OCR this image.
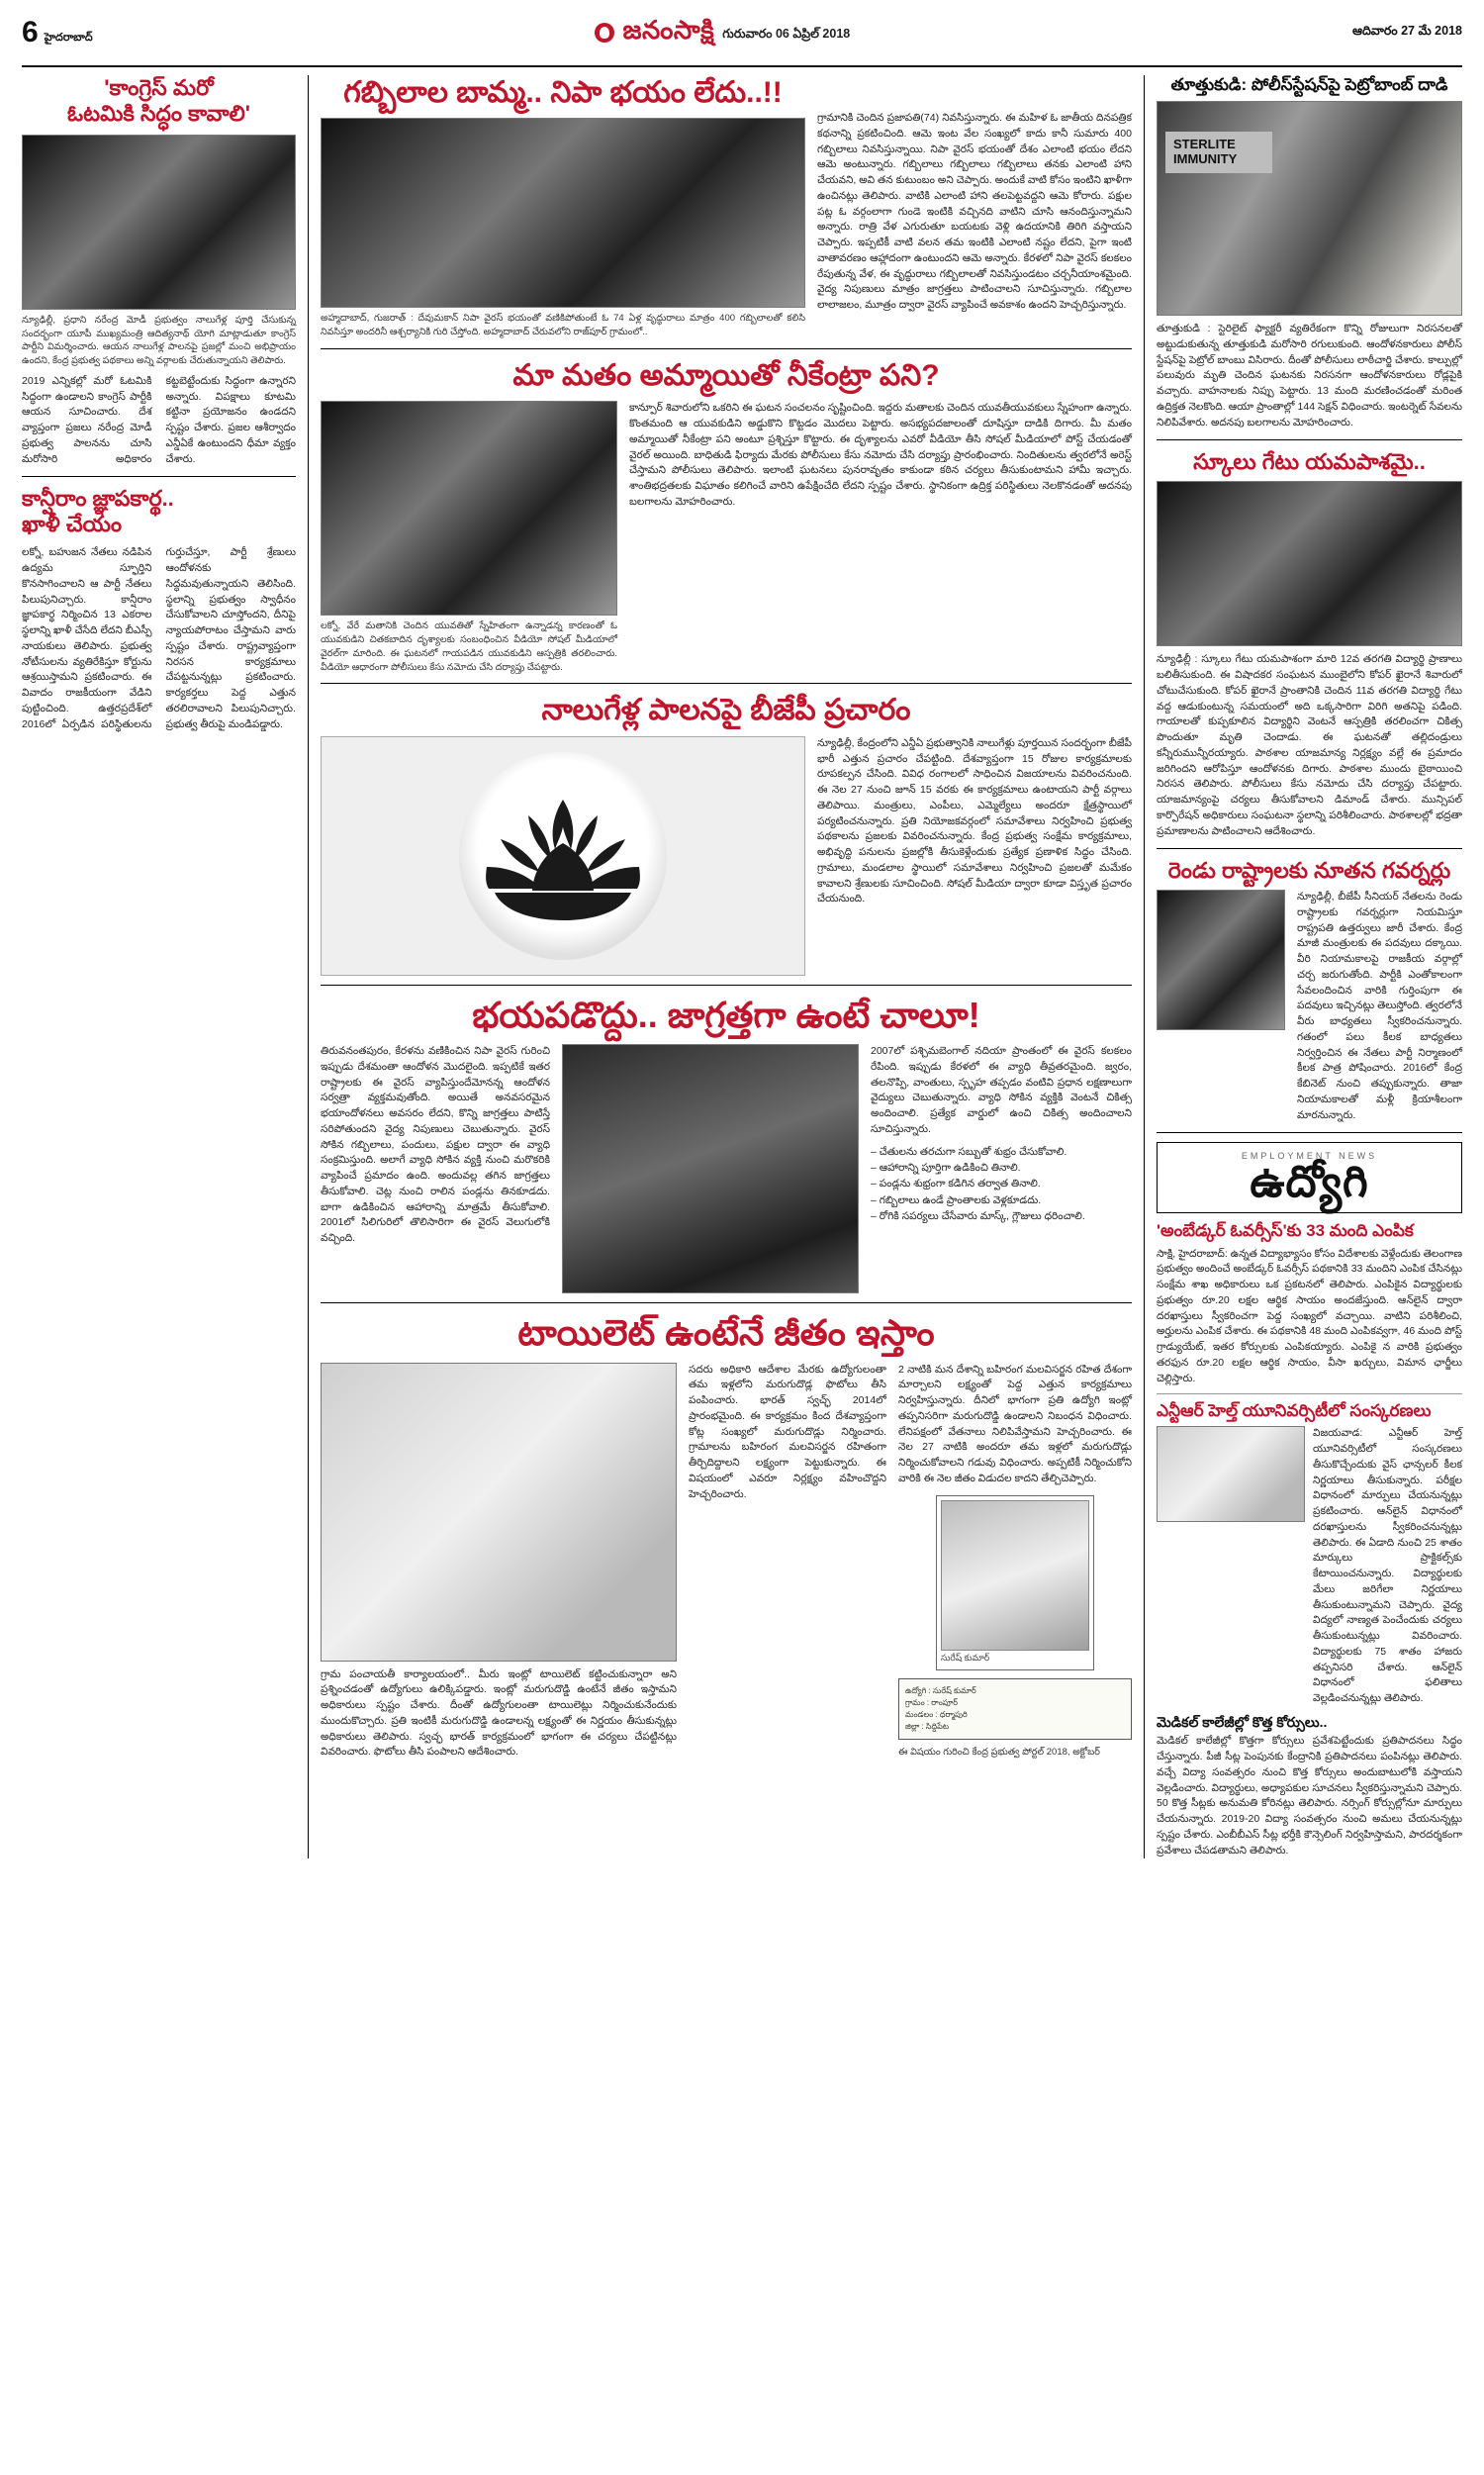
6 హైదరాబాద్	జనంసాక్షి గురువారం 06 ఏప్రిల్ 2018	ఆదివారం 27 మే 2018
'కాంగ్రెస్ మరో
ఓటమికి సిద్ధం కావాలి'
న్యూఢిల్లీ, ప్రధాని నరేంద్ర మోడీ ప్రభుత్వం నాలుగేళ్ల పూర్తి చేసుకున్న సందర్భంగా యూపీ ముఖ్యమంత్రి ఆదిత్యనాథ్ యోగి మాట్లాడుతూ కాంగ్రెస్ పార్టీని విమర్శించారు. ఆయన నాలుగేళ్ల పాలనపై ప్రజల్లో మంచి అభిప్రాయం ఉందని, కేంద్ర ప్రభుత్వ పథకాలు అన్ని వర్గాలకు చేరుతున్నాయని తెలిపారు.
2019 ఎన్నికల్లో మరో ఓటమికి సిద్ధంగా ఉండాలని కాంగ్రెస్ పార్టీకి ఆయన సూచించారు. దేశ వ్యాప్తంగా ప్రజలు నరేంద్ర మోడీ ప్రభుత్వ పాలనను చూసి మరోసారి అధికారం కట్టబెట్టేందుకు సిద్ధంగా ఉన్నారని అన్నారు. విపక్షాలు కూటమి కట్టినా ప్రయోజనం ఉండదని స్పష్టం చేశారు. ప్రజల ఆశీర్వాదం ఎన్డీఏకే ఉంటుందని ధీమా వ్యక్తం చేశారు.
కాన్షీరాం జ్ఞాపకార్థ..
ఖాళీ చేయం
లక్నో, బహుజన నేతలు నడిపిన ఉద్యమ స్ఫూర్తిని కొనసాగించాలని ఆ పార్టీ నేతలు పిలుపునిచ్చారు. కాన్షీరాం జ్ఞాపకార్థ నిర్మించిన 13 ఎకరాల స్థలాన్ని ఖాళీ చేసేది లేదని బీఎస్పీ నాయకులు తెలిపారు. ప్రభుత్వ నోటీసులను వ్యతిరేకిస్తూ కోర్టును ఆశ్రయిస్తామని ప్రకటించారు. ఈ వివాదం రాజకీయంగా వేడిని పుట్టించింది. ఉత్తరప్రదేశ్‌లో 2016లో ఏర్పడిన పరిస్థితులను గుర్తుచేస్తూ, పార్టీ శ్రేణులు ఆందోళనకు సిద్ధమవుతున్నాయని తెలిసింది. స్థలాన్ని ప్రభుత్వం స్వాధీనం చేసుకోవాలని చూస్తోందని, దీనిపై న్యాయపోరాటం చేస్తామని వారు స్పష్టం చేశారు. రాష్ట్రవ్యాప్తంగా నిరసన కార్యక్రమాలు చేపట్టనున్నట్లు ప్రకటించారు. కార్యకర్తలు పెద్ద ఎత్తున తరలిరావాలని పిలుపునిచ్చారు. ప్రభుత్వ తీరుపై మండిపడ్డారు.
గబ్బిలాల బామ్మ.. నిపా భయం లేదు..!!
అహ్మదాబాద్, గుజరాత్ : దేవుమకాన్ నిపా వైరస్ భయంతో వణికిపోతుంటే ఓ 74 ఏళ్ల వృద్ధురాలు మాత్రం 400 గబ్బిలాలతో కలిసి నివసిస్తూ అందరినీ ఆశ్చర్యానికి గురి చేస్తోంది. అహ్మదాబాద్ చేరువలోని రాజ్‌పూర్ గ్రామంలో..
గ్రామానికి చెందిన ప్రజాపతి(74) నివసిస్తున్నారు. ఈ మహిళ ఓ జాతీయ దినపత్రిక కథనాన్ని ప్రకటించింది. ఆమె ఇంట వేల సంఖ్యలో కాదు కానీ సుమారు 400 గబ్బిలాలు నివసిస్తున్నాయి. నిపా వైరస్ భయంతో దేశం ఎలాంటి భయం లేదని ఆమె అంటున్నారు. గబ్బిలాలు గబ్బిలాలు గబ్బిలాలు తనకు ఎలాంటి హాని చేయవని, అవి తన కుటుంబం అని చెప్పారు. అందుకే వాటి కోసం ఇంటిని ఖాళీగా ఉంచినట్లు తెలిపారు. వాటికి ఎలాంటి హాని తలపెట్టవద్దని ఆమె కోరారు. పక్షుల పట్ల ఓ వర్గంలాగా గుండె ఇంటికి వచ్చినది వాటిని చూసి ఆనందిస్తున్నామని అన్నారు. రాత్రి వేళ ఎగురుతూ బయటకు వెళ్లి ఉదయానికి తిరిగి వస్తాయని చెప్పారు. ఇప్పటికీ వాటి వలన తమ ఇంటికి ఎలాంటి నష్టం లేదని, పైగా ఇంటి వాతావరణం ఆహ్లాదంగా ఉంటుందని ఆమె అన్నారు. కేరళలో నిపా వైరస్ కలకలం రేపుతున్న వేళ, ఈ వృద్ధురాలు గబ్బిలాలతో నివసిస్తుండటం చర్చనీయాంశమైంది. వైద్య నిపుణులు మాత్రం జాగ్రత్తలు పాటించాలని సూచిస్తున్నారు. గబ్బిలాల లాలాజలం, మూత్రం ద్వారా వైరస్ వ్యాపించే అవకాశం ఉందని హెచ్చరిస్తున్నారు.
మా మతం అమ్మాయితో నీకేంట్రా పని?
లక్నో, వేరే మతానికి చెందిన యువతితో స్నేహితంగా ఉన్నాడన్న కారణంతో ఓ యువకుడిని చితకబాదిన దృశ్యాలకు సంబంధించిన వీడియో సోషల్ మీడియాలో వైరల్‌గా మారింది. ఈ ఘటనలో గాయపడిన యువకుడిని ఆస్పత్రికి తరలించారు. వీడియో ఆధారంగా పోలీసులు కేసు నమోదు చేసి దర్యాప్తు చేపట్టారు.
కాన్పూర్ శివారులోని ఒకరిని ఈ ఘటన సంచలనం సృష్టించింది. ఇద్దరు మతాలకు చెందిన యువతీయువకులు స్నేహంగా ఉన్నారు. కొంతమంది ఆ యువకుడిని అడ్డుకొని కొట్టడం మొదలు పెట్టారు. అసభ్యపదజాలంతో దూషిస్తూ దాడికి దిగారు. మీ మతం అమ్మాయితో నీకేంట్రా పని అంటూ ప్రశ్నిస్తూ కొట్టారు. ఈ దృశ్యాలను ఎవరో వీడియో తీసి సోషల్ మీడియాలో పోస్ట్ చేయడంతో వైరల్ అయింది. బాధితుడి ఫిర్యాదు మేరకు పోలీసులు కేసు నమోదు చేసి దర్యాప్తు ప్రారంభించారు. నిందితులను త్వరలోనే అరెస్ట్ చేస్తామని పోలీసులు తెలిపారు. ఇలాంటి ఘటనలు పునరావృతం కాకుండా కఠిన చర్యలు తీసుకుంటామని హామీ ఇచ్చారు. శాంతిభద్రతలకు విఘాతం కలిగించే వారిని ఉపేక్షించేది లేదని స్పష్టం చేశారు. స్థానికంగా ఉద్రిక్త పరిస్థితులు నెలకొనడంతో అదనపు బలగాలను మోహరించారు.
నాలుగేళ్ల పాలనపై బీజేపీ ప్రచారం
న్యూఢిల్లీ, కేంద్రంలోని ఎన్డీఏ ప్రభుత్వానికి నాలుగేళ్లు పూర్తయిన సందర్భంగా బీజేపీ భారీ ఎత్తున ప్రచారం చేపట్టింది. దేశవ్యాప్తంగా 15 రోజుల కార్యక్రమాలకు రూపకల్పన చేసింది. వివిధ రంగాలలో సాధించిన విజయాలను వివరించనుంది. ఈ నెల 27 నుంచి జూన్ 15 వరకు ఈ కార్యక్రమాలు ఉంటాయని పార్టీ వర్గాలు తెలిపాయి. మంత్రులు, ఎంపీలు, ఎమ్మెల్యేలు అందరూ క్షేత్రస్థాయిలో పర్యటించనున్నారు. ప్రతి నియోజకవర్గంలో సమావేశాలు నిర్వహించి ప్రభుత్వ పథకాలను ప్రజలకు వివరించనున్నారు. కేంద్ర ప్రభుత్వ సంక్షేమ కార్యక్రమాలు, అభివృద్ధి పనులను ప్రజల్లోకి తీసుకెళ్లేందుకు ప్రత్యేక ప్రణాళిక సిద్ధం చేసింది. గ్రామాలు, మండలాల స్థాయిలో సమావేశాలు నిర్వహించి ప్రజలతో మమేకం కావాలని శ్రేణులకు సూచించింది. సోషల్ మీడియా ద్వారా కూడా విస్తృత ప్రచారం చేయనుంది.
భయపడొద్దు.. జాగ్రత్తగా ఉంటే చాలూ!
తిరువనంతపురం, కేరళను వణికించిన నిపా వైరస్ గురించి ఇప్పుడు దేశమంతా ఆందోళన మొదలైంది. ఇప్పటికే ఇతర రాష్ట్రాలకు ఈ వైరస్ వ్యాపిస్తుందేమోనన్న ఆందోళన సర్వత్రా వ్యక్తమవుతోంది. అయితే అనవసరమైన భయాందోళనలు అవసరం లేదని, కొన్ని జాగ్రత్తలు పాటిస్తే సరిపోతుందని వైద్య నిపుణులు చెబుతున్నారు. వైరస్ సోకిన గబ్బిలాలు, పందులు, పక్షుల ద్వారా ఈ వ్యాధి సంక్రమిస్తుంది. అలాగే వ్యాధి సోకిన వ్యక్తి నుంచి మరొకరికి వ్యాపించే ప్రమాదం ఉంది. అందువల్ల తగిన జాగ్రత్తలు తీసుకోవాలి. చెట్ల నుంచి రాలిన పండ్లను తినకూడదు. బాగా ఉడికించిన ఆహారాన్ని మాత్రమే తీసుకోవాలి. 2001లో సిలిగురిలో తొలిసారిగా ఈ వైరస్ వెలుగులోకి వచ్చింది.
2007లో పశ్చిమబెంగాల్ నదియా ప్రాంతంలో ఈ వైరస్ కలకలం రేపింది. ఇప్పుడు కేరళలో ఈ వ్యాధి తీవ్రతరమైంది. జ్వరం, తలనొప్పి, వాంతులు, స్పృహ తప్పడం వంటివి ప్రధాన లక్షణాలుగా వైద్యులు చెబుతున్నారు. వ్యాధి సోకిన వ్యక్తికి వెంటనే చికిత్స అందించాలి. ప్రత్యేక వార్డులో ఉంచి చికిత్స అందించాలని సూచిస్తున్నారు.
– చేతులను తరచుగా సబ్బుతో శుభ్రం చేసుకోవాలి.
– ఆహారాన్ని పూర్తిగా ఉడికించి తినాలి.
– పండ్లను శుభ్రంగా కడిగిన తర్వాత తినాలి.
– గబ్బిలాలు ఉండే ప్రాంతాలకు వెళ్లకూడదు.
– రోగికి సపర్యలు చేసేవారు మాస్క్, గ్లౌజులు ధరించాలి.
టాయిలెట్ ఉంటేనే జీతం ఇస్తాం
గ్రామ పంచాయతీ కార్యాలయంలో.. మీరు ఇంట్లో టాయిలెట్ కట్టించుకున్నారా అని ప్రశ్నించడంతో ఉద్యోగులు ఉలిక్కిపడ్డారు. ఇంట్లో మరుగుదొడ్డి ఉంటేనే జీతం ఇస్తామని అధికారులు స్పష్టం చేశారు. దీంతో ఉద్యోగులంతా టాయిలెట్లు నిర్మించుకునేందుకు ముందుకొచ్చారు. ప్రతి ఇంటికీ మరుగుదొడ్డి ఉండాలన్న లక్ష్యంతో ఈ నిర్ణయం తీసుకున్నట్లు అధికారులు తెలిపారు. స్వచ్ఛ భారత్ కార్యక్రమంలో భాగంగా ఈ చర్యలు చేపట్టినట్లు వివరించారు. ఫొటోలు తీసి పంపాలని ఆదేశించారు.
సదరు అధికారి ఆదేశాల మేరకు ఉద్యోగులంతా తమ ఇళ్లలోని మరుగుదొడ్ల ఫొటోలు తీసి పంపించారు. భారత్ స్వచ్ఛ్ 2014లో ప్రారంభమైంది. ఈ కార్యక్రమం కింద దేశవ్యాప్తంగా కోట్ల సంఖ్యలో మరుగుదొడ్లు నిర్మించారు. గ్రామాలను బహిరంగ మలవిసర్జన రహితంగా తీర్చిదిద్దాలని లక్ష్యంగా పెట్టుకున్నారు. ఈ విషయంలో ఎవరూ నిర్లక్ష్యం వహించొద్దని హెచ్చరించారు.
2 నాటికి మన దేశాన్ని బహిరంగ మలవిసర్జన రహిత దేశంగా మార్చాలని లక్ష్యంతో పెద్ద ఎత్తున కార్యక్రమాలు నిర్వహిస్తున్నారు. దీనిలో భాగంగా ప్రతి ఉద్యోగి ఇంట్లో తప్పనిసరిగా మరుగుదొడ్డి ఉండాలని నిబంధన విధించారు. లేనిపక్షంలో వేతనాలు నిలిపివేస్తామని హెచ్చరించారు. ఈ నెల 27 నాటికి అందరూ తమ ఇళ్లలో మరుగుదొడ్లు నిర్మించుకోవాలని గడువు విధించారు. అప్పటికీ నిర్మించుకోని వారికి ఈ నెల జీతం విడుదల కాదని తేల్చిచెప్పారు.
సురేష్ కుమార్
ఉద్యోగి : సురేష్ కుమార్
గ్రామం : రాంపూర్
మండలం : ధర్మాపురి
జిల్లా : సిద్దిపేట
ఈ విషయం గురించి కేంద్ర ప్రభుత్వ పోర్టల్ 2018, అక్టోబర్
తూత్తుకుడి: పోలీస్‌స్టేషన్‌పై పెట్రోబాంబ్ దాడి
STERLITE IMMUNITY
తూత్తుకుడి : స్టెరిలైట్ ఫ్యాక్టరీ వ్యతిరేకంగా కొన్ని రోజులుగా నిరసనలతో అట్టుడుకుతున్న తూత్తుకుడి మరోసారి రగులుకుంది. ఆందోళనకారులు పోలీస్ స్టేషన్‌పై పెట్రోల్ బాంబు విసిరారు. దీంతో పోలీసులు లాఠీచార్జి చేశారు. కాల్పుల్లో పలువురు మృతి చెందిన ఘటనకు నిరసనగా ఆందోళనకారులు రోడ్లపైకి వచ్చారు. వాహనాలకు నిప్పు పెట్టారు. 13 మంది మరణించడంతో మరింత ఉద్రిక్తత నెలకొంది. ఆయా ప్రాంతాల్లో 144 సెక్షన్ విధించారు. ఇంటర్నెట్ సేవలను నిలిపివేశారు. అదనపు బలగాలను మోహరించారు.
స్కూలు గేటు యమపాశమై..
న్యూఢిల్లీ : స్కూలు గేటు యమపాశంగా మారి 12వ తరగతి విద్యార్థి ప్రాణాలు బలితీసుకుంది. ఈ విషాదకర సంఘటన ముంబైలోని కోపర్ ఖైరానే శివారులో చోటుచేసుకుంది. కోపర్ ఖైరానే ప్రాంతానికి చెందిన 11వ తరగతి విద్యార్థి గేటు వద్ద ఆడుకుంటున్న సమయంలో అది ఒక్కసారిగా విరిగి అతనిపై పడింది. గాయాలతో కుప్పకూలిన విద్యార్థిని వెంటనే ఆస్పత్రికి తరలించగా చికిత్స పొందుతూ మృతి చెందాడు. ఈ ఘటనతో తల్లిదండ్రులు కన్నీరుమున్నీరయ్యారు. పాఠశాల యాజమాన్య నిర్లక్ష్యం వల్లే ఈ ప్రమాదం జరిగిందని ఆరోపిస్తూ ఆందోళనకు దిగారు. పాఠశాల ముందు బైఠాయించి నిరసన తెలిపారు. పోలీసులు కేసు నమోదు చేసి దర్యాప్తు చేపట్టారు. యాజమాన్యంపై చర్యలు తీసుకోవాలని డిమాండ్ చేశారు. మున్సిపల్ కార్పొరేషన్ అధికారులు సంఘటనా స్థలాన్ని పరిశీలించారు. పాఠశాలల్లో భద్రతా ప్రమాణాలను పాటించాలని ఆదేశించారు.
రెండు రాష్ట్రాలకు నూతన గవర్నర్లు
న్యూఢిల్లీ, బీజేపీ సీనియర్ నేతలను రెండు రాష్ట్రాలకు గవర్నర్లుగా నియమిస్తూ రాష్ట్రపతి ఉత్తర్వులు జారీ చేశారు. కేంద్ర మాజీ మంత్రులకు ఈ పదవులు దక్కాయి. వీరి నియామకాలపై రాజకీయ వర్గాల్లో చర్చ జరుగుతోంది. పార్టీకి ఎంతోకాలంగా సేవలందించిన వారికి గుర్తింపుగా ఈ పదవులు ఇచ్చినట్లు తెలుస్తోంది. త్వరలోనే వీరు బాధ్యతలు స్వీకరించనున్నారు. గతంలో పలు కీలక బాధ్యతలు నిర్వర్తించిన ఈ నేతలు పార్టీ నిర్మాణంలో కీలక పాత్ర పోషించారు. 2016లో కేంద్ర కేబినెట్ నుంచి తప్పుకున్నారు. తాజా నియామకాలతో మళ్లీ క్రియాశీలంగా మారనున్నారు.
EMPLOYMENT NEWS
ఉద్యోగి
'అంబేడ్కర్ ఓవర్సీస్'కు 33 మంది ఎంపిక
సాక్షి, హైదరాబాద్: ఉన్నత విద్యాభ్యాసం కోసం విదేశాలకు వెళ్లేందుకు తెలంగాణ ప్రభుత్వం అందించే అంబేడ్కర్ ఓవర్సీస్ పథకానికి 33 మందిని ఎంపిక చేసినట్లు సంక్షేమ శాఖ అధికారులు ఒక ప్రకటనలో తెలిపారు. ఎంపికైన విద్యార్థులకు ప్రభుత్వం రూ.20 లక్షల ఆర్థిక సాయం అందజేస్తుంది. ఆన్‌లైన్ ద్వారా దరఖాస్తులు స్వీకరించగా పెద్ద సంఖ్యలో వచ్చాయి. వాటిని పరిశీలించి, అర్హులను ఎంపిక చేశారు. ఈ పథకానికి 48 మంది ఎంపికవ్వగా, 46 మంది పోస్ట్ గ్రాడ్యుయేట్, ఇతర కోర్సులకు ఎంపికయ్యారు. ఎంపికై న వారికి ప్రభుత్వం తరఫున రూ.20 లక్షల ఆర్థిక సాయం, వీసా ఖర్చులు, విమాన ఛార్జీలు చెల్లిస్తారు.
ఎన్టీఆర్ హెల్త్ యూనివర్సిటీలో సంస్కరణలు
విజయవాడ: ఎన్టీఆర్ హెల్త్ యూనివర్సిటీలో సంస్కరణలు తీసుకొచ్చేందుకు వైస్ ఛాన్సలర్ కీలక నిర్ణయాలు తీసుకున్నారు. పరీక్షల విధానంలో మార్పులు చేయనున్నట్లు ప్రకటించారు. ఆన్‌లైన్ విధానంలో దరఖాస్తులను స్వీకరించనున్నట్లు తెలిపారు. ఈ ఏడాది నుంచి 25 శాతం మార్కులు ప్రాక్టికల్స్‌కు కేటాయించనున్నారు. విద్యార్థులకు మేలు జరిగేలా నిర్ణయాలు తీసుకుంటున్నామని చెప్పారు. వైద్య విద్యలో నాణ్యత పెంచేందుకు చర్యలు తీసుకుంటున్నట్లు వివరించారు. విద్యార్థులకు 75 శాతం హాజరు తప్పనిసరి చేశారు. ఆన్‌లైన్ విధానంలో ఫలితాలు వెల్లడించనున్నట్లు తెలిపారు.
మెడికల్ కాలేజీల్లో కొత్త కోర్సులు..
మెడికల్ కాలేజీల్లో కొత్తగా కోర్సులు ప్రవేశపెట్టేందుకు ప్రతిపాదనలు సిద్ధం చేస్తున్నారు. పీజీ సీట్ల పెంపునకు కేంద్రానికి ప్రతిపాదనలు పంపినట్లు తెలిపారు. వచ్చే విద్యా సంవత్సరం నుంచి కొత్త కోర్సులు అందుబాటులోకి వస్తాయని వెల్లడించారు. విద్యార్థులు, అధ్యాపకుల సూచనలు స్వీకరిస్తున్నామని చెప్పారు. 50 కొత్త సీట్లకు అనుమతి కోరినట్లు తెలిపారు. నర్సింగ్ కోర్సుల్లోనూ మార్పులు చేయనున్నారు. 2019-20 విద్యా సంవత్సరం నుంచి అమలు చేయనున్నట్లు స్పష్టం చేశారు. ఎంబీబీఎస్ సీట్ల భర్తీకి కౌన్సెలింగ్ నిర్వహిస్తామని, పారదర్శకంగా ప్రవేశాలు చేపడతామని తెలిపారు.
